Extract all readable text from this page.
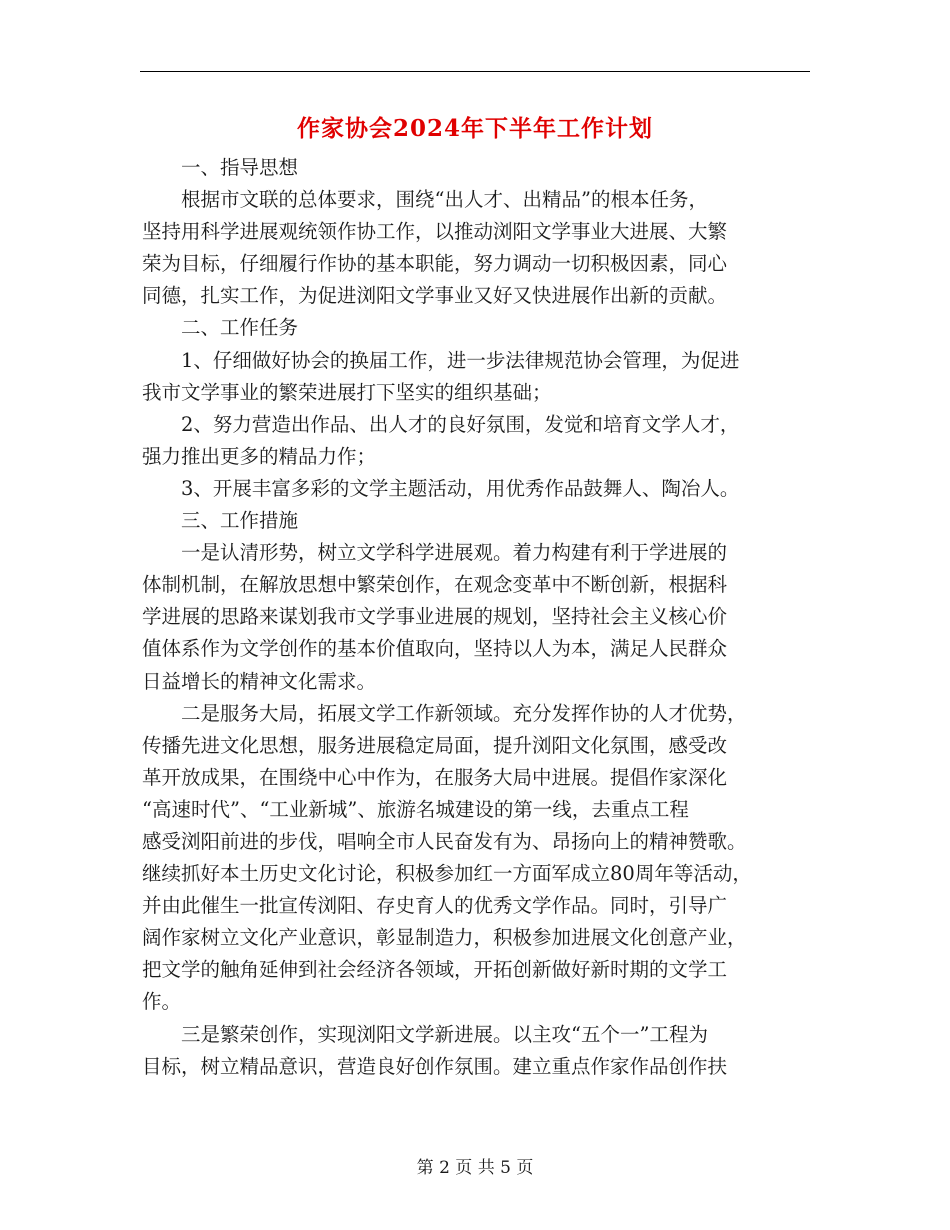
作家协会2024年下半年工作计划
一、指导思想
根据市文联的总体要求，围绕“出人才、出精品”的根本任务，
坚持用科学进展观统领作协工作，以推动浏阳文学事业大进展、大繁
荣为目标，仔细履行作协的基本职能，努力调动一切积极因素，同心
同德，扎实工作，为促进浏阳文学事业又好又快进展作出新的贡献。
二、工作任务
1、仔细做好协会的换届工作，进一步法律规范协会管理，为促进
我市文学事业的繁荣进展打下坚实的组织基础；
2、努力营造出作品、出人才的良好氛围，发觉和培育文学人才，
强力推出更多的精品力作；
3、开展丰富多彩的文学主题活动，用优秀作品鼓舞人、陶冶人。
三、工作措施
一是认清形势，树立文学科学进展观。着力构建有利于学进展的
体制机制，在解放思想中繁荣创作，在观念变革中不断创新，根据科
学进展的思路来谋划我市文学事业进展的规划，坚持社会主义核心价
值体系作为文学创作的基本价值取向，坚持以人为本，满足人民群众
日益增长的精神文化需求。
二是服务大局，拓展文学工作新领域。充分发挥作协的人才优势，
传播先进文化思想，服务进展稳定局面，提升浏阳文化氛围，感受改
革开放成果，在围绕中心中作为，在服务大局中进展。提倡作家深化
“高速时代”、“工业新城”、旅游名城建设的第一线，去重点工程
感受浏阳前进的步伐，唱响全市人民奋发有为、昂扬向上的精神赞歌。
继续抓好本土历史文化讨论，积极参加红一方面军成立80周年等活动，
并由此催生一批宣传浏阳、存史育人的优秀文学作品。同时，引导广
阔作家树立文化产业意识，彰显制造力，积极参加进展文化创意产业，
把文学的触角延伸到社会经济各领域，开拓创新做好新时期的文学工
作。
三是繁荣创作，实现浏阳文学新进展。以主攻“五个一”工程为
目标，树立精品意识，营造良好创作氛围。建立重点作家作品创作扶
第 2 页 共 5 页
